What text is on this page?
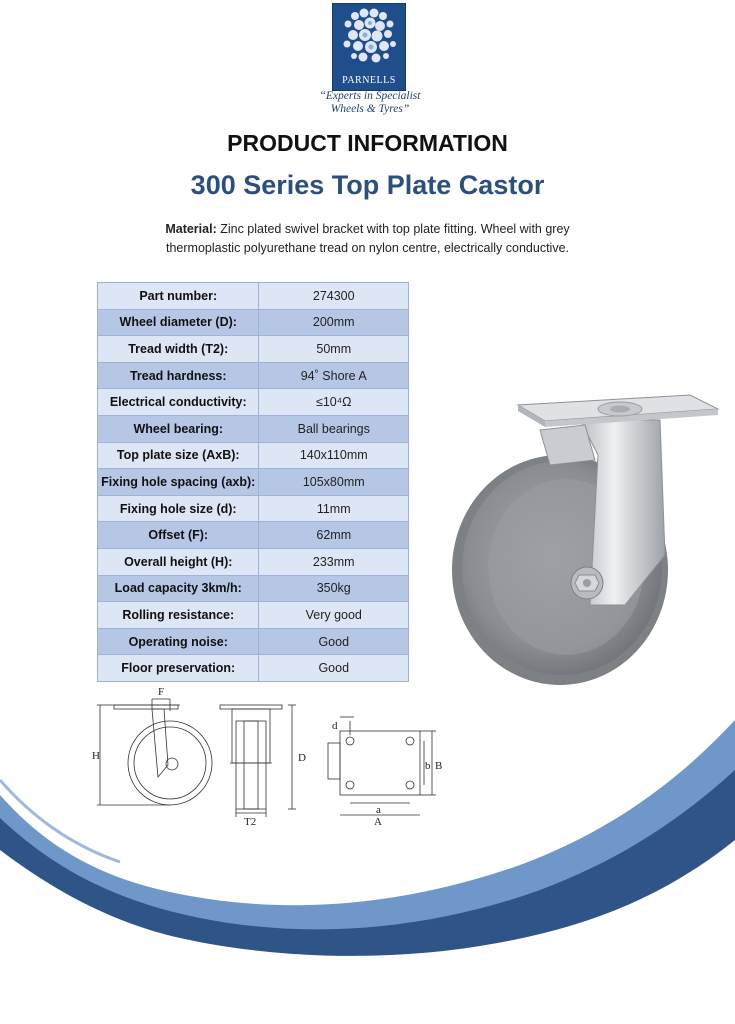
PARNELLS
“Experts in Specialist
Wheels & Tyres”
PRODUCT INFORMATION
300 Series Top Plate Castor
Material: Zinc plated swivel bracket with top plate fitting. Wheel with grey
thermoplastic polyurethane tread on nylon centre, electrically conductive.
Part number:	274300
Wheel diameter (D):	200mm
Tread width (T2):	50mm
Tread hardness:	94˚ Shore A
Electrical conductivity:	≤10⁴Ω
Wheel bearing:	Ball bearings
Top plate size (AxB):	140x110mm
Fixing hole spacing (axb):	105x80mm
Fixing hole size (d):	11mm
Offset (F):	62mm
Overall height (H):	233mm
Load capacity 3km/h:	350kg
Rolling resistance:	Very good
Operating noise:	Good
Floor preservation:	Good
F
H	D
T2
d
a
A
b B
